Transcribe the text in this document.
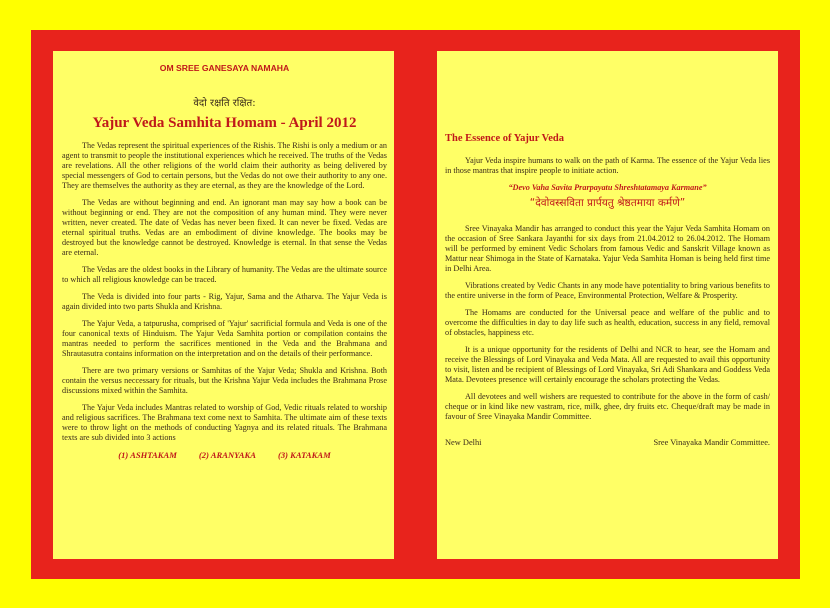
OM SREE GANESAYA NAMAHA
वेदो रक्षति रक्षित:
Yajur Veda Samhita Homam - April 2012

The Vedas represent the spiritual experiences of the Rishis. The Rishi is only a medium or an agent to transmit to people the institutional experiences which he received. The truths of the Vedas are revelations. All the other religions of the world claim their authority as being delivered by special messengers of God to certain persons, but the Vedas do not owe their authority to any one. They are themselves the authority as they are eternal, as they are the knowledge of the Lord.

The Vedas are without beginning and end. An ignorant man may say how a book can be without beginning or end. They are not the composition of any human mind. They were never written, never created. The date of Vedas has never been fixed. It can never be fixed. Vedas are eternal spiritual truths. Vedas are an embodiment of divine knowledge. The books may be destroyed but the knowledge cannot be destroyed. Knowledge is eternal. In that sense the Vedas are eternal.

The Vedas are the oldest books in the Library of humanity. The Vedas are the ultimate source to which all religious knowledge can be traced.

The Veda is divided into four parts - Rig, Yajur, Sama and the Atharva. The Yajur Veda is again divided into two parts Shukla and Krishna.

The Yajur Veda, a tatpurusha, comprised of 'Yajur' sacrificial formula and Veda is one of the four canonical texts of Hinduism. The Yajur Veda Samhita portion or compilation contains the mantras needed to perform the sacrifices mentioned in the Veda and the Brahmana and Shrautasutra contains information on the interpretation and on the details of their performance.

There are two primary versions or Samhitas of the Yajur Veda; Shukla and Krishna. Both contain the versus neccessary for rituals, but the Krishna Yajur Veda includes the Brahmana Prose discussions mixed within the Samhita.

The Yajur Veda includes Mantras related to worship of God, Vedic rituals related to worship and religious sacrifices. The Brahmana text come next to Samhita. The ultimate aim of these texts were to throw light on the methods of conducting Yagnya and its related rituals. The Brahmana texts are sub divided into 3 actions

(1) ASHTAKAM	(2) ARANYAKA	(3) KATAKAM
The Essence of Yajur Veda

Yajur Veda inspire humans to walk on the path of Karma. The essence of the Yajur Veda lies in those mantras that inspire people to initiate action.

“Devo Vaha Savita Prarpayatu Shreshtatamaya Karmane”
“देवोवस्सविता प्रार्पयतु श्रेष्ठतमाया कर्मणे”

Sree Vinayaka Mandir has arranged to conduct this year the Yajur Veda Samhita Homam on the occasion of Sree Sankara Jayanthi for six days from 21.04.2012 to 26.04.2012. The Homam will be performed by eminent Vedic Scholars from famous Vedic and Sanskrit Village known as Mattur near Shimoga in the State of Karnataka. Yajur Veda Samhita Homan is being held first time in Delhi Area.

Vibrations created by Vedic Chants in any mode have potentiality to bring various benefits to the entire universe in the form of Peace, Environmental Protection, Welfare & Prosperity.

The Homams are conducted for the Universal peace and welfare of the public and to overcome the difficulties in day to day life such as health, education, success in any field, removal of obstacles, happiness etc.

It is a unique opportunity for the residents of Delhi and NCR to hear, see the Homam and receive the Blessings of Lord Vinayaka and Veda Mata. All are requested to avail this opportunity to visit, listen and be recipient of Blessings of Lord Vinayaka, Sri Adi Shankara and Goddess Veda Mata. Devotees presence will certainly encourage the scholars protecting the Vedas.

All devotees and well wishers are requested to contribute for the above in the form of cash/ cheque or in kind like new vastram, rice, milk, ghee, dry fruits etc. Cheque/draft may be made in favour of Sree Vinayaka Mandir Committee.

New Delhi	Sree Vinayaka Mandir Committee.
